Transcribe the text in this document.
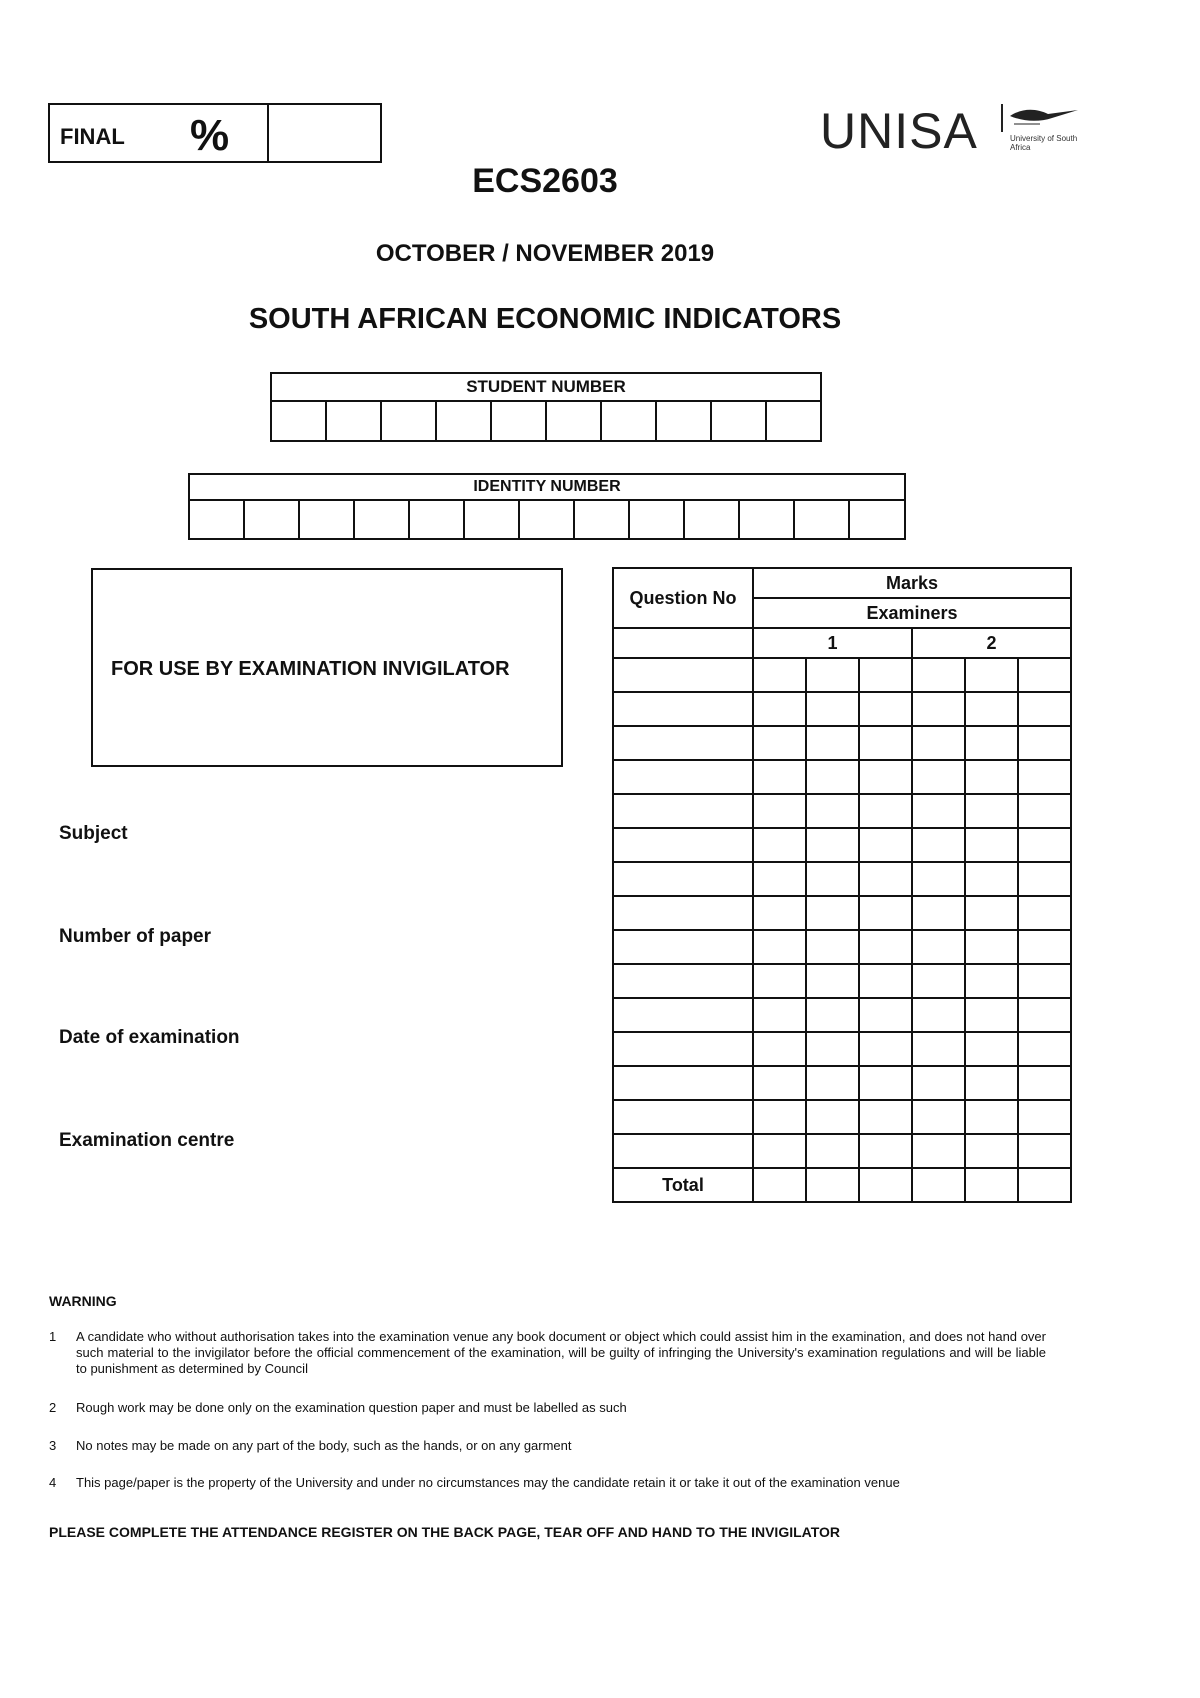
FINAL %	UNISA	University of South Africa
ECS2603
OCTOBER / NOVEMBER 2019
SOUTH AFRICAN ECONOMIC INDICATORS
STUDENT NUMBER

IDENTITY NUMBER

FOR USE BY EXAMINATION INVIGILATOR
Subject
Number of paper
Date of examination
Examination centre
Question No	Marks					
	Examiners					
	1			2		

Total						
WARNING
1 A candidate who without authorisation takes into the examination venue any book document or object which could assist him in the examination, and does not hand over such material to the invigilator before the official commencement of the examination, will be guilty of infringing the University's examination regulations and will be liable to punishment as determined by Council
2 Rough work may be done only on the examination question paper and must be labelled as such
3 No notes may be made on any part of the body, such as the hands, or on any garment
4 This page/paper is the property of the University and under no circumstances may the candidate retain it or take it out of the examination venue
PLEASE COMPLETE THE ATTENDANCE REGISTER ON THE BACK PAGE, TEAR OFF AND HAND TO THE INVIGILATOR
